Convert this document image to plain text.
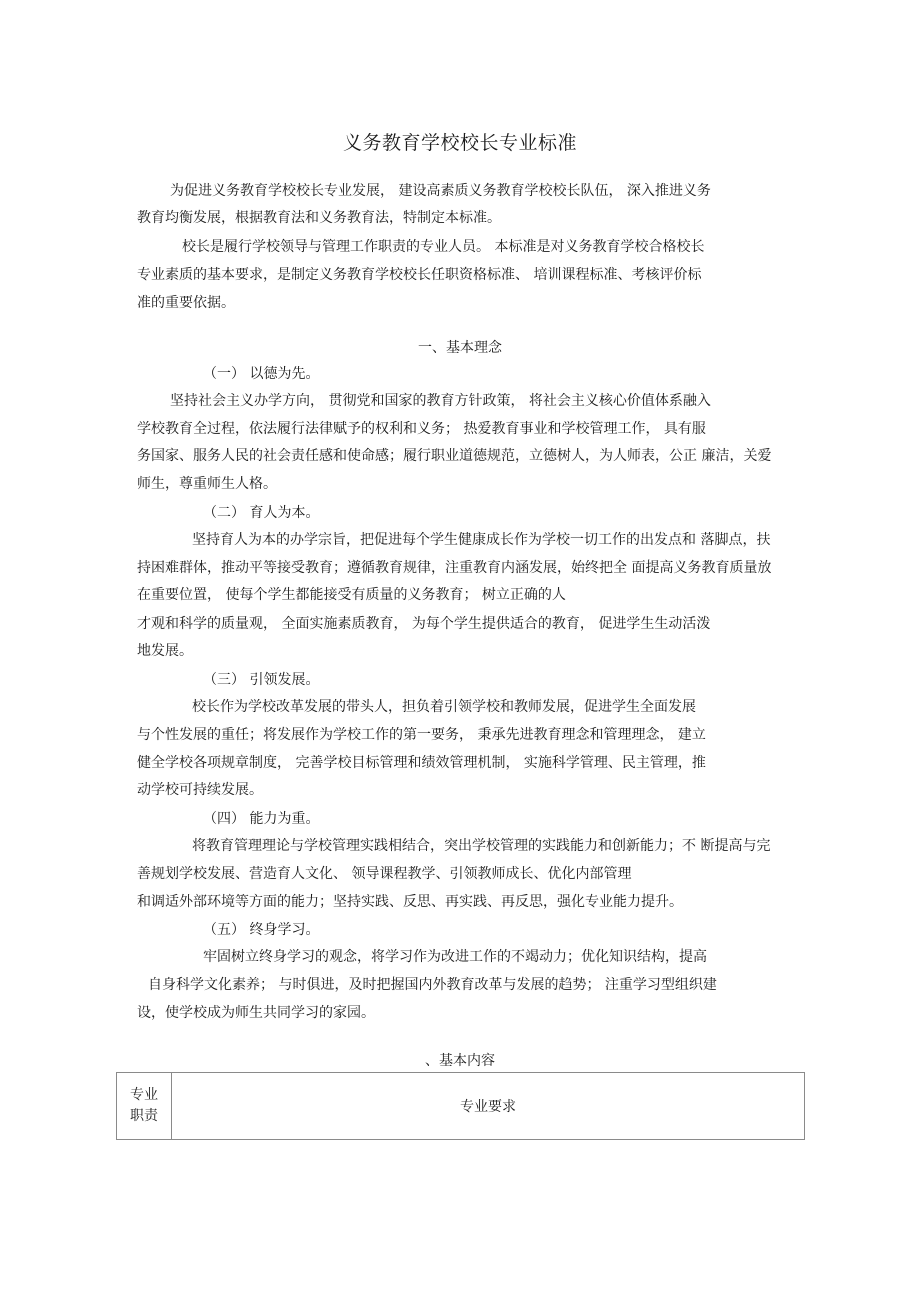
义务教育学校校长专业标准
为促进义务教育学校校长专业发展， 建设高素质义务教育学校校长队伍， 深入推进义务
教育均衡发展，根据教育法和义务教育法，特制定本标准。
校长是履行学校领导与管理工作职责的专业人员。 本标准是对义务教育学校合格校长
专业素质的基本要求，是制定义务教育学校校长任职资格标准、 培训课程标准、考核评价标
准的重要依据。
一、基本理念
（一） 以德为先。
坚持社会主义办学方向， 贯彻党和国家的教育方针政策， 将社会主义核心价值体系融入
学校教育全过程，依法履行法律赋予的权利和义务； 热爱教育事业和学校管理工作， 具有服
务国家、服务人民的社会责任感和使命感；履行职业道德规范，立德树人，为人师表，公正 廉洁，关爱
师生，尊重师生人格。
（二） 育人为本。
坚持育人为本的办学宗旨，把促进每个学生健康成长作为学校一切工作的出发点和 落脚点，扶
持困难群体，推动平等接受教育；遵循教育规律，注重教育内涵发展，始终把全 面提高义务教育质量放
在重要位置， 使每个学生都能接受有质量的义务教育； 树立正确的人
才观和科学的质量观， 全面实施素质教育， 为每个学生提供适合的教育， 促进学生生动活泼
地发展。
（三） 引领发展。
校长作为学校改革发展的带头人，担负着引领学校和教师发展，促进学生全面发展
与个性发展的重任；将发展作为学校工作的第一要务， 秉承先进教育理念和管理理念， 建立
健全学校各项规章制度， 完善学校目标管理和绩效管理机制， 实施科学管理、民主管理，推
动学校可持续发展。
（四） 能力为重。
将教育管理理论与学校管理实践相结合，突出学校管理的实践能力和创新能力；不 断提高与完
善规划学校发展、营造育人文化、 领导课程教学、引领教师成长、优化内部管理
和调适外部环境等方面的能力；坚持实践、反思、再实践、再反思，强化专业能力提升。
（五） 终身学习。
牢固树立终身学习的观念，将学习作为改进工作的不竭动力；优化知识结构，提高
自身科学文化素养； 与时俱进，及时把握国内外教育改革与发展的趋势； 注重学习型组织建
设，使学校成为师生共同学习的家园。
、基本内容
专业
职责
	专业要求
